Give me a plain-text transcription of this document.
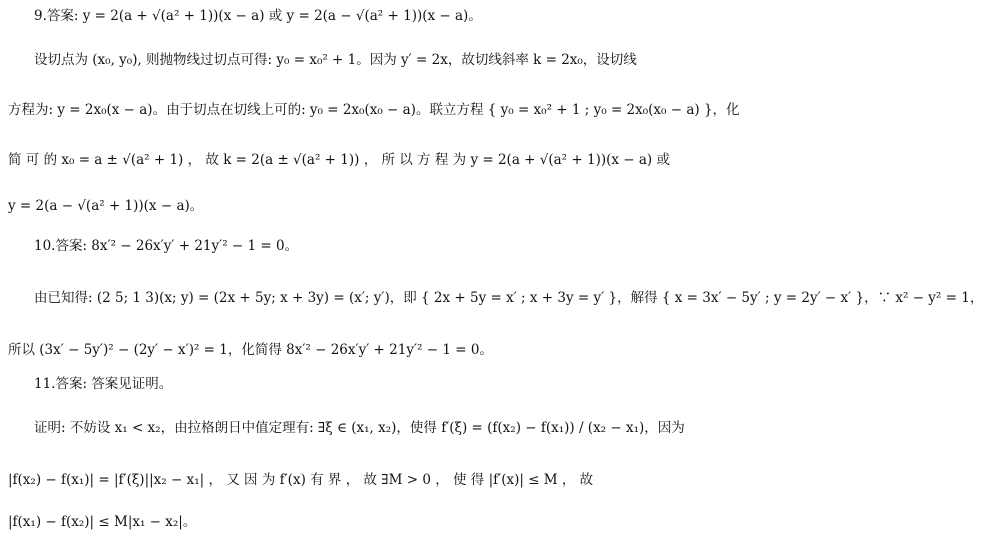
9.答案: y = 2(a + √(a² + 1))(x − a) 或 y = 2(a − √(a² + 1))(x − a)。
设切点为 (x₀, y₀), 则抛物线过切点可得: y₀ = x₀² + 1。因为 y′ = 2x，故切线斜率 k = 2x₀，设切线
方程为: y = 2x₀(x − a)。由于切点在切线上可的: y₀ = 2x₀(x₀ − a)。联立方程 { y₀ = x₀² + 1 ; y₀ = 2x₀(x₀ − a) }，化
简 可 的 x₀ = a ± √(a² + 1) ， 故 k = 2(a ± √(a² + 1)) ， 所 以 方 程 为 y = 2(a + √(a² + 1))(x − a) 或
y = 2(a − √(a² + 1))(x − a)。
10.答案: 8x′² − 26x′y′ + 21y′² − 1 = 0。
由已知得: (2 5; 1 3)(x; y) = (2x + 5y; x + 3y) = (x′; y′)，即 { 2x + 5y = x′ ; x + 3y = y′ }，解得 { x = 3x′ − 5y′ ; y = 2y′ − x′ }，∵ x² − y² = 1，
所以 (3x′ − 5y′)² − (2y′ − x′)² = 1，化简得 8x′² − 26x′y′ + 21y′² − 1 = 0。
11.答案: 答案见证明。
证明: 不妨设 x₁ < x₂，由拉格朗日中值定理有: ∃ξ ∈ (x₁, x₂)，使得 f′(ξ) = (f(x₂) − f(x₁)) / (x₂ − x₁)，因为
|f(x₂) − f(x₁)| = |f′(ξ)||x₂ − x₁| ， 又 因 为 f′(x) 有 界 ， 故 ∃M > 0 ， 使 得 |f′(x)| ≤ M ， 故
|f(x₁) − f(x₂)| ≤ M|x₁ − x₂|。
